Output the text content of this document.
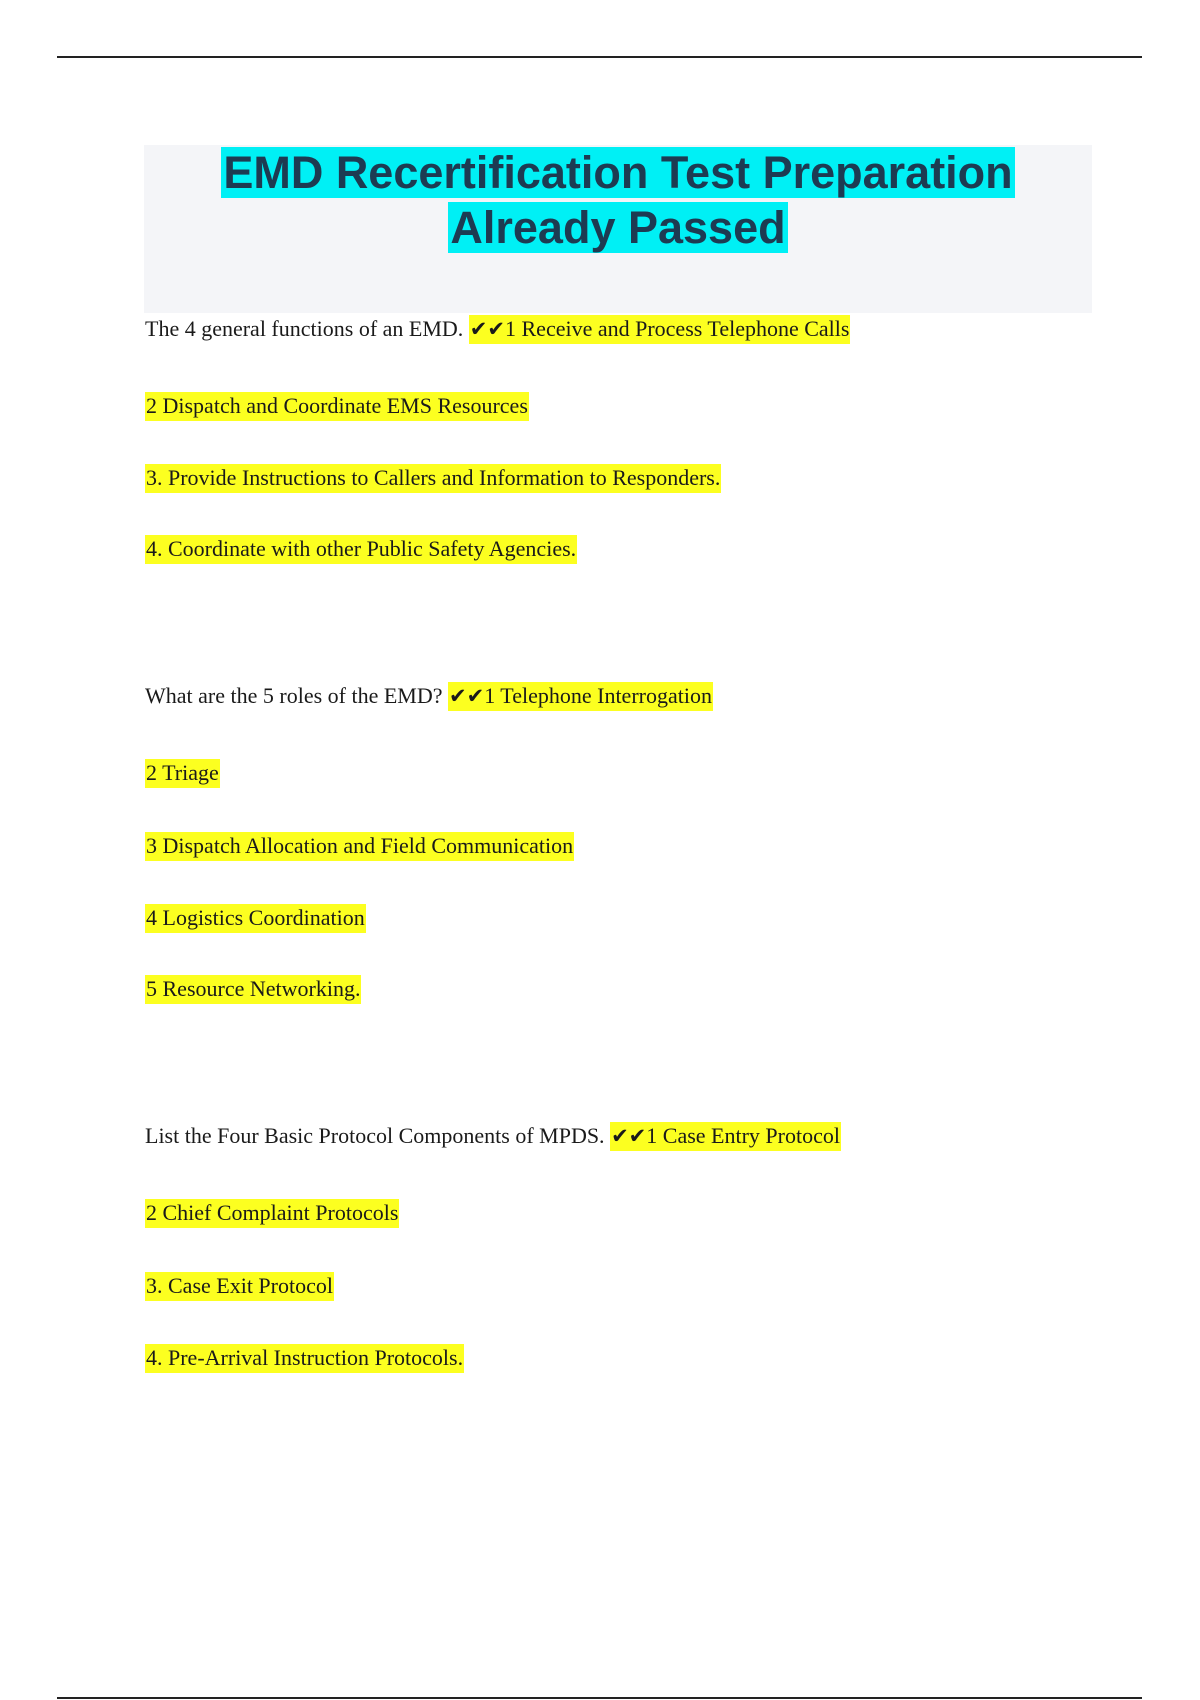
EMD Recertification Test Preparation
Already Passed
The 4 general functions of an EMD. ✔✔1 Receive and Process Telephone Calls
2 Dispatch and Coordinate EMS Resources
3. Provide Instructions to Callers and Information to Responders.
4. Coordinate with other Public Safety Agencies.
What are the 5 roles of the EMD? ✔✔1 Telephone Interrogation
2 Triage
3 Dispatch Allocation and Field Communication
4 Logistics Coordination
5 Resource Networking.
List the Four Basic Protocol Components of MPDS. ✔✔1 Case Entry Protocol
2 Chief Complaint Protocols
3. Case Exit Protocol
4. Pre-Arrival Instruction Protocols.
